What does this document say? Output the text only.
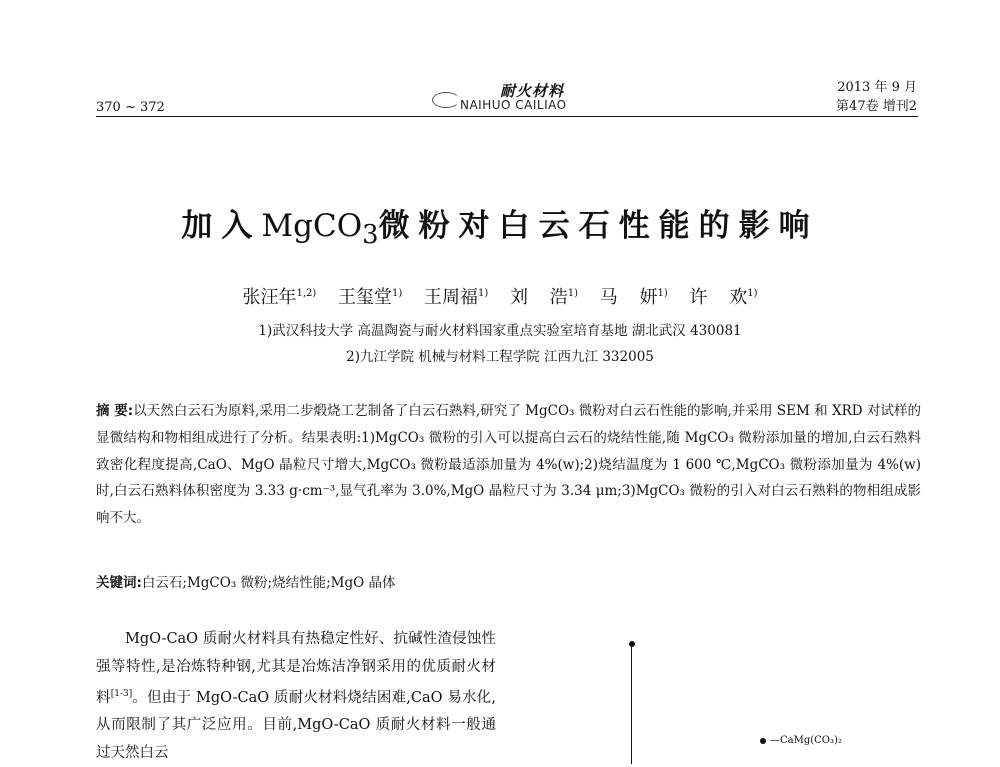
370 ~ 372
耐火材料
NAIHUO CAILIAO
2013 年 9 月
第47卷 增刊2
加入MgCO$_3$微粉对白云石性能的影响
张汪年$^{1,2)}$ 王玺堂$^{1)}$ 王周福$^{1)}$ 刘 浩$^{1)}$ 马 妍$^{1)}$ 许 欢$^{1)}$
1)武汉科技大学 高温陶瓷与耐火材料国家重点实验室培育基地 湖北武汉 430081
2)九江学院 机械与材料工程学院 江西九江 332005
摘 要:以天然白云石为原料,采用二步煅烧工艺制备了白云石熟料,研究了 MgCO₃ 微粉对白云石性能的影响,并采用 SEM 和 XRD 对试样的显微结构和物相组成进行了分析。结果表明:1)MgCO₃ 微粉的引入可以提高白云石的烧结性能,随 MgCO₃ 微粉添加量的增加,白云石熟料致密化程度提高,CaO、MgO 晶粒尺寸增大,MgCO₃ 微粉最适添加量为 4%(w);2)烧结温度为 1 600 ℃,MgCO₃ 微粉添加量为 4%(w)时,白云石熟料体积密度为 3.33 g·cm⁻³,显气孔率为 3.0%,MgO 晶粒尺寸为 3.34 μm;3)MgCO₃ 微粉的引入对白云石熟料的物相组成影响不大。
关键词:白云石;MgCO₃ 微粉;烧结性能;MgO 晶体

MgO-CaO 质耐火材料具有热稳定性好、抗碱性渣侵蚀性强等特性,是冶炼特种钢,尤其是冶炼洁净钢采用的优质耐火材料[1-3]。但由于 MgO-CaO 质耐火材料烧结困难,CaO 易水化,从而限制了其广泛应用。目前,MgO-CaO 质耐火材料一般通过天然白云

—CaMg(CO₃)₂
